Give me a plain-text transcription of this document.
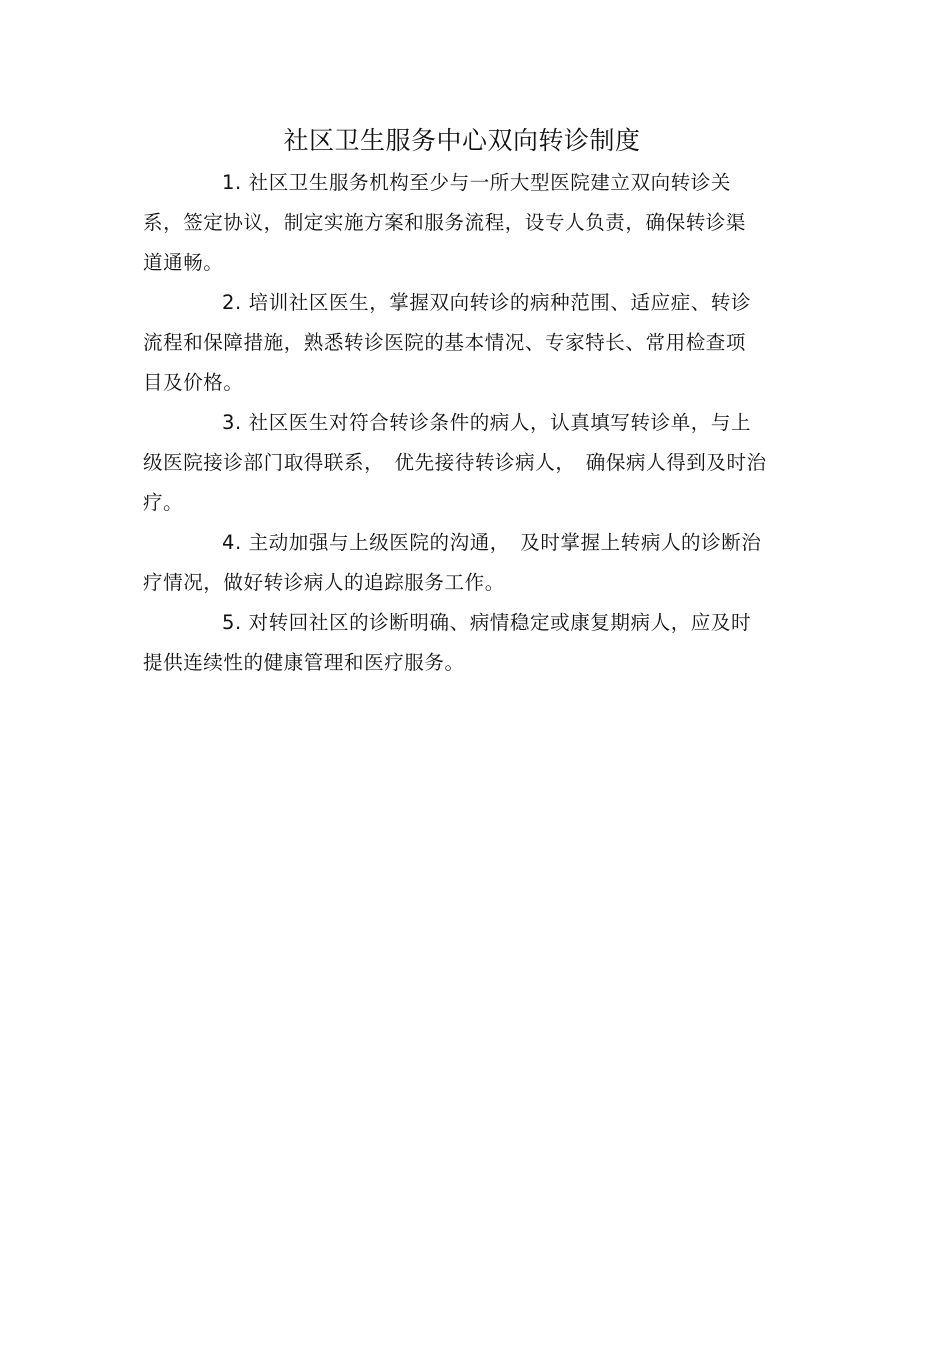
社区卫生服务中心双向转诊制度

1. 社区卫生服务机构至少与一所大型医院建立双向转诊关

系，签定协议，制定实施方案和服务流程，设专人负责，确保转诊渠

道通畅。

2. 培训社区医生，掌握双向转诊的病种范围、适应症、转诊

流程和保障措施，熟悉转诊医院的基本情况、专家特长、常用检查项

目及价格。

3. 社区医生对符合转诊条件的病人，认真填写转诊单，与上

级医院接诊部门取得联系，　优先接待转诊病人，　确保病人得到及时治

疗。

4. 主动加强与上级医院的沟通，　及时掌握上转病人的诊断治

疗情况，做好转诊病人的追踪服务工作。

5. 对转回社区的诊断明确、病情稳定或康复期病人，应及时

提供连续性的健康管理和医疗服务。
